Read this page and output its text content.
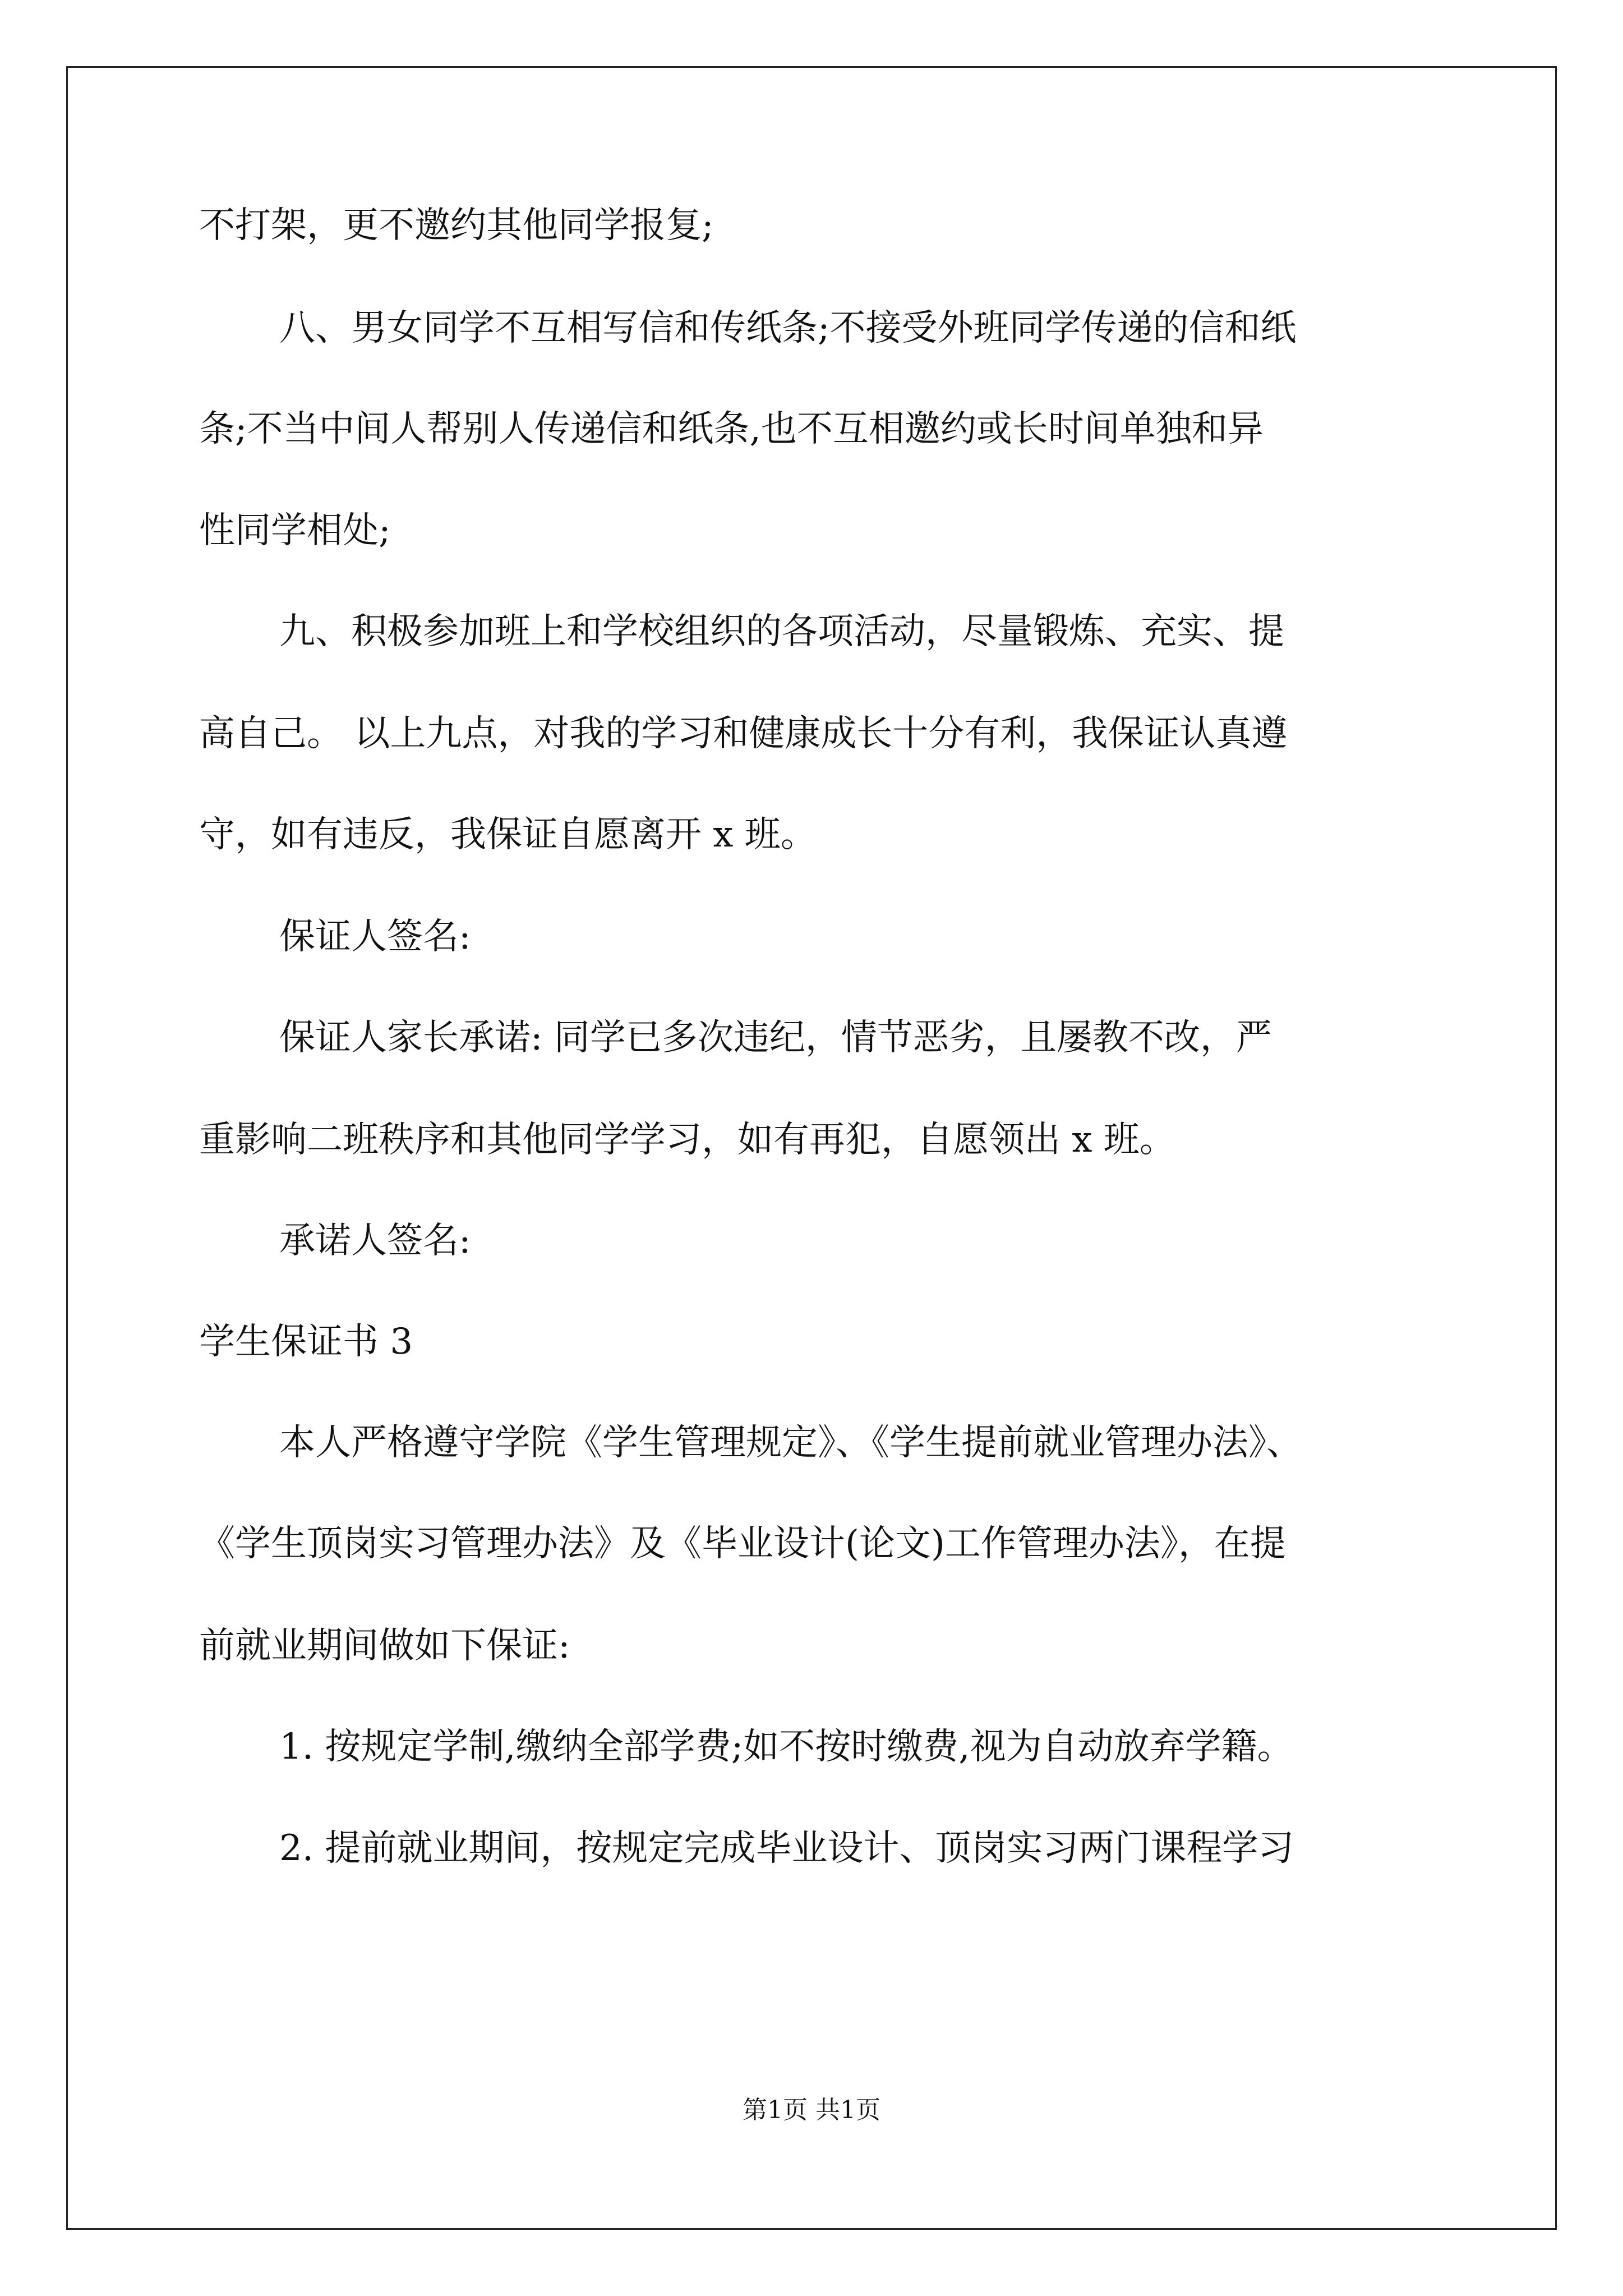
不打架，更不邀约其他同学报复;
八、男女同学不互相写信和传纸条;不接受外班同学传递的信和纸
条;不当中间人帮别人传递信和纸条,也不互相邀约或长时间单独和异
性同学相处;
九、积极参加班上和学校组织的各项活动，尽量锻炼、充实、提
高自己。 以上九点，对我的学习和健康成长十分有利，我保证认真遵
守，如有违反，我保证自愿离开 x 班。
保证人签名:
保证人家长承诺: 同学已多次违纪，情节恶劣，且屡教不改，严
重影响二班秩序和其他同学学习，如有再犯，自愿领出 x 班。
承诺人签名:
学生保证书 3
本人严格遵守学院《学生管理规定》、《学生提前就业管理办法》、
《学生顶岗实习管理办法》及《毕业设计(论文)工作管理办法》，在提
前就业期间做如下保证:
1. 按规定学制,缴纳全部学费;如不按时缴费,视为自动放弃学籍。
2. 提前就业期间，按规定完成毕业设计、顶岗实习两门课程学习
第1页 共1页
